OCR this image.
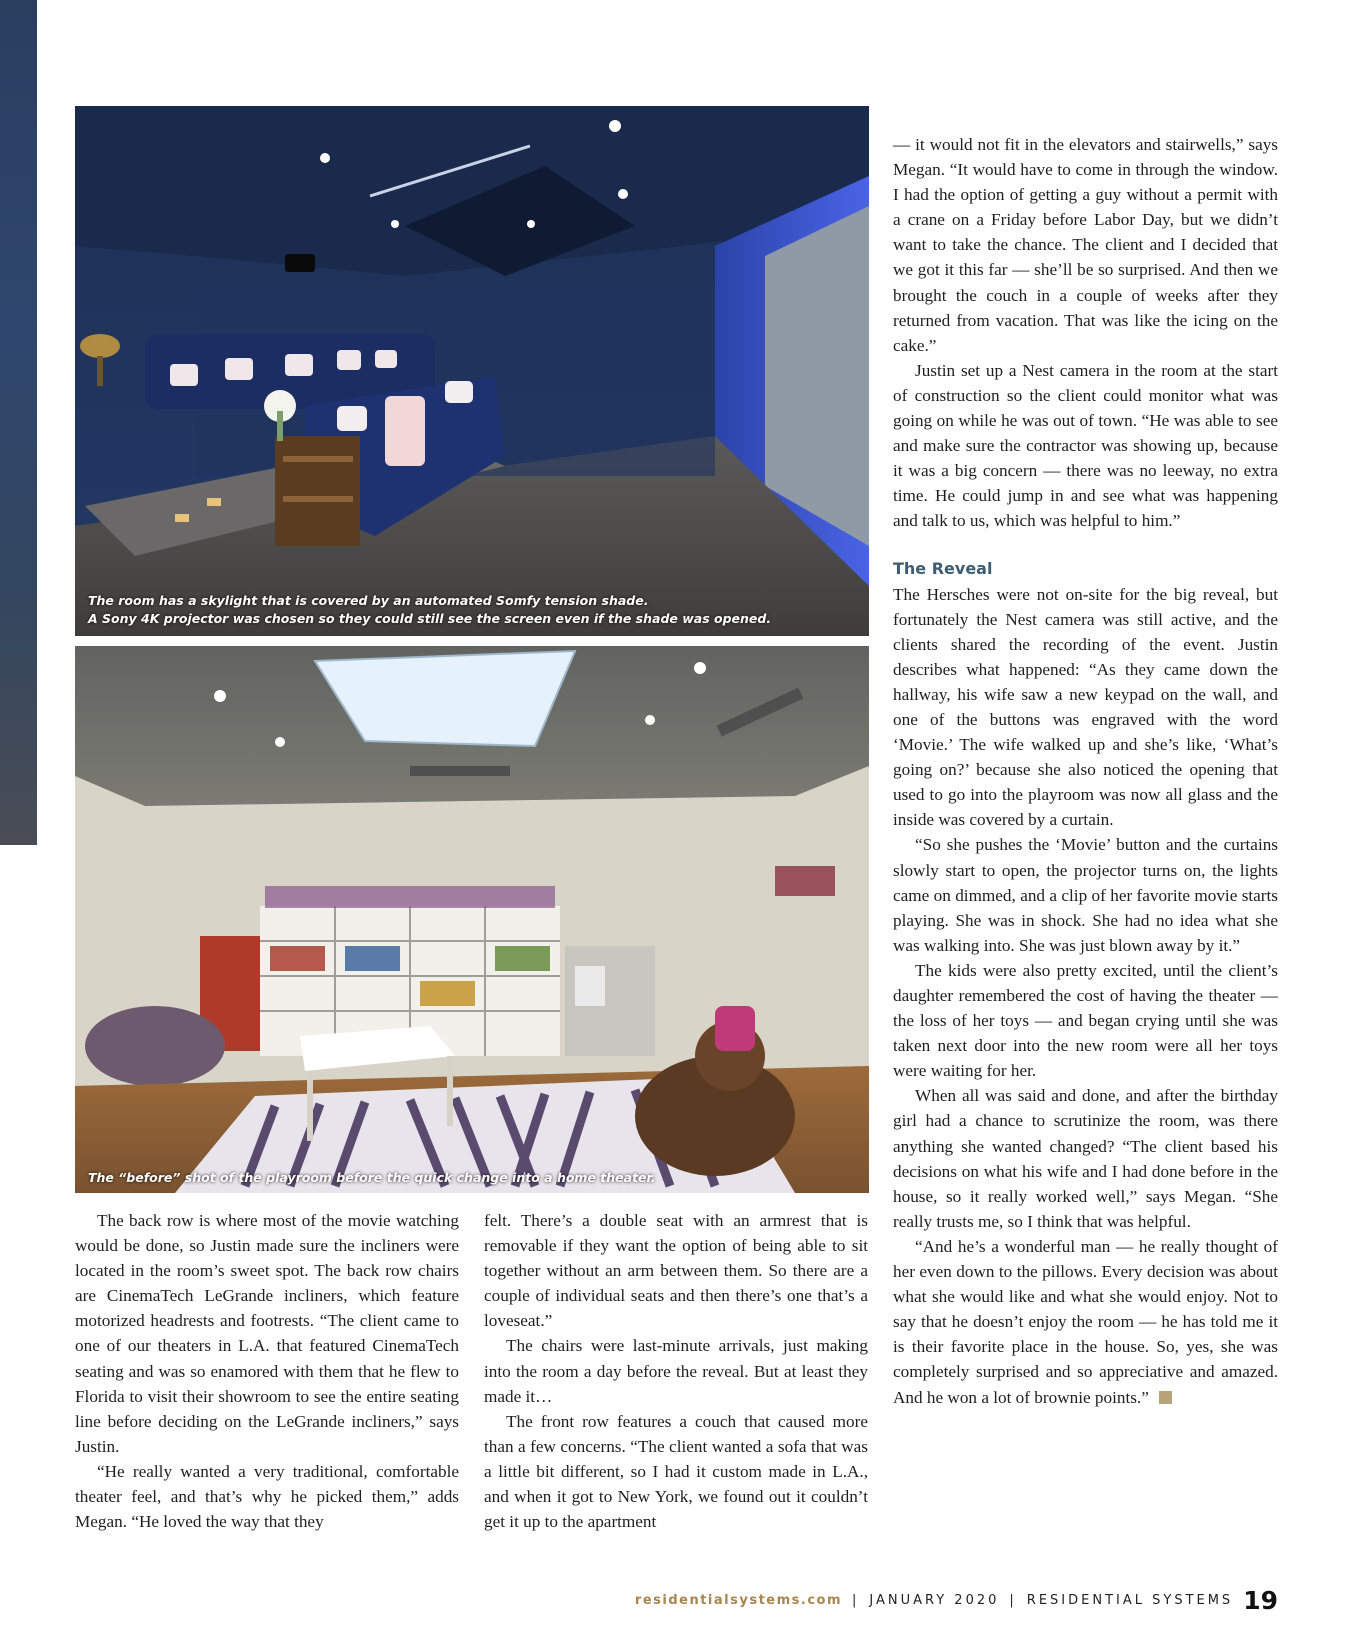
The room has a skylight that is covered by an automated Somfy tension shade.
A Sony 4K projector was chosen so they could still see the screen even if the shade was opened.
The “before” shot of the playroom before the quick change into a home theater.

The back row is where most of the movie watching would be done, so Justin made sure the incliners were located in the room’s sweet spot. The back row chairs are CinemaTech LeGrande incliners, which feature motorized headrests and footrests. “The client came to one of our theaters in L.A. that featured CinemaTech seating and was so enamored with them that he flew to Florida to visit their showroom to see the entire seating line before deciding on the LeGrande incliners,” says Justin.

“He really wanted a very traditional, comfortable theater feel, and that’s why he picked them,” adds Megan. “He loved the way that they

felt. There’s a double seat with an armrest that is removable if they want the option of being able to sit together without an arm between them. So there are a couple of individual seats and then there’s one that’s a loveseat.”

The chairs were last-minute arrivals, just making into the room a day before the reveal. But at least they made it…

The front row features a couch that caused more than a few concerns. “The client wanted a sofa that was a little bit different, so I had it custom made in L.A., and when it got to New York, we found out it couldn’t get it up to the apartment

— it would not fit in the elevators and stairwells,” says Megan. “It would have to come in through the window. I had the option of getting a guy without a permit with a crane on a Friday before Labor Day, but we didn’t want to take the chance. The client and I decided that we got it this far — she’ll be so surprised. And then we brought the couch in a couple of weeks after they returned from vacation. That was like the icing on the cake.”

Justin set up a Nest camera in the room at the start of construction so the client could monitor what was going on while he was out of town. “He was able to see and make sure the contractor was showing up, because it was a big concern — there was no leeway, no extra time. He could jump in and see what was happening and talk to us, which was helpful to him.”

The Reveal

The Hersches were not on-site for the big reveal, but fortunately the Nest camera was still active, and the clients shared the recording of the event. Justin describes what happened: “As they came down the hallway, his wife saw a new keypad on the wall, and one of the buttons was engraved with the word ‘Movie.’ The wife walked up and she’s like, ‘What’s going on?’ because she also noticed the opening that used to go into the playroom was now all glass and the inside was covered by a curtain.

“So she pushes the ‘Movie’ button and the curtains slowly start to open, the projector turns on, the lights came on dimmed, and a clip of her favorite movie starts playing. She was in shock. She had no idea what she was walking into. She was just blown away by it.”

The kids were also pretty excited, until the client’s daughter remembered the cost of having the theater — the loss of her toys — and began crying until she was taken next door into the new room were all her toys were waiting for her.

When all was said and done, and after the birthday girl had a chance to scrutinize the room, was there anything she wanted changed? “The client based his decisions on what his wife and I had done before in the house, so it really worked well,” says Megan. “She really trusts me, so I think that was helpful.

“And he’s a wonderful man — he really thought of her even down to the pillows. Every decision was about what she would like and what she would enjoy. Not to say that he doesn’t enjoy the room — he has told me it is their favorite place in the house. So, yes, she was completely surprised and so appreciative and amazed. And he won a lot of brownie points.”

residentialsystems.com | JANUARY 2020 | RESIDENTIAL SYSTEMS 19
